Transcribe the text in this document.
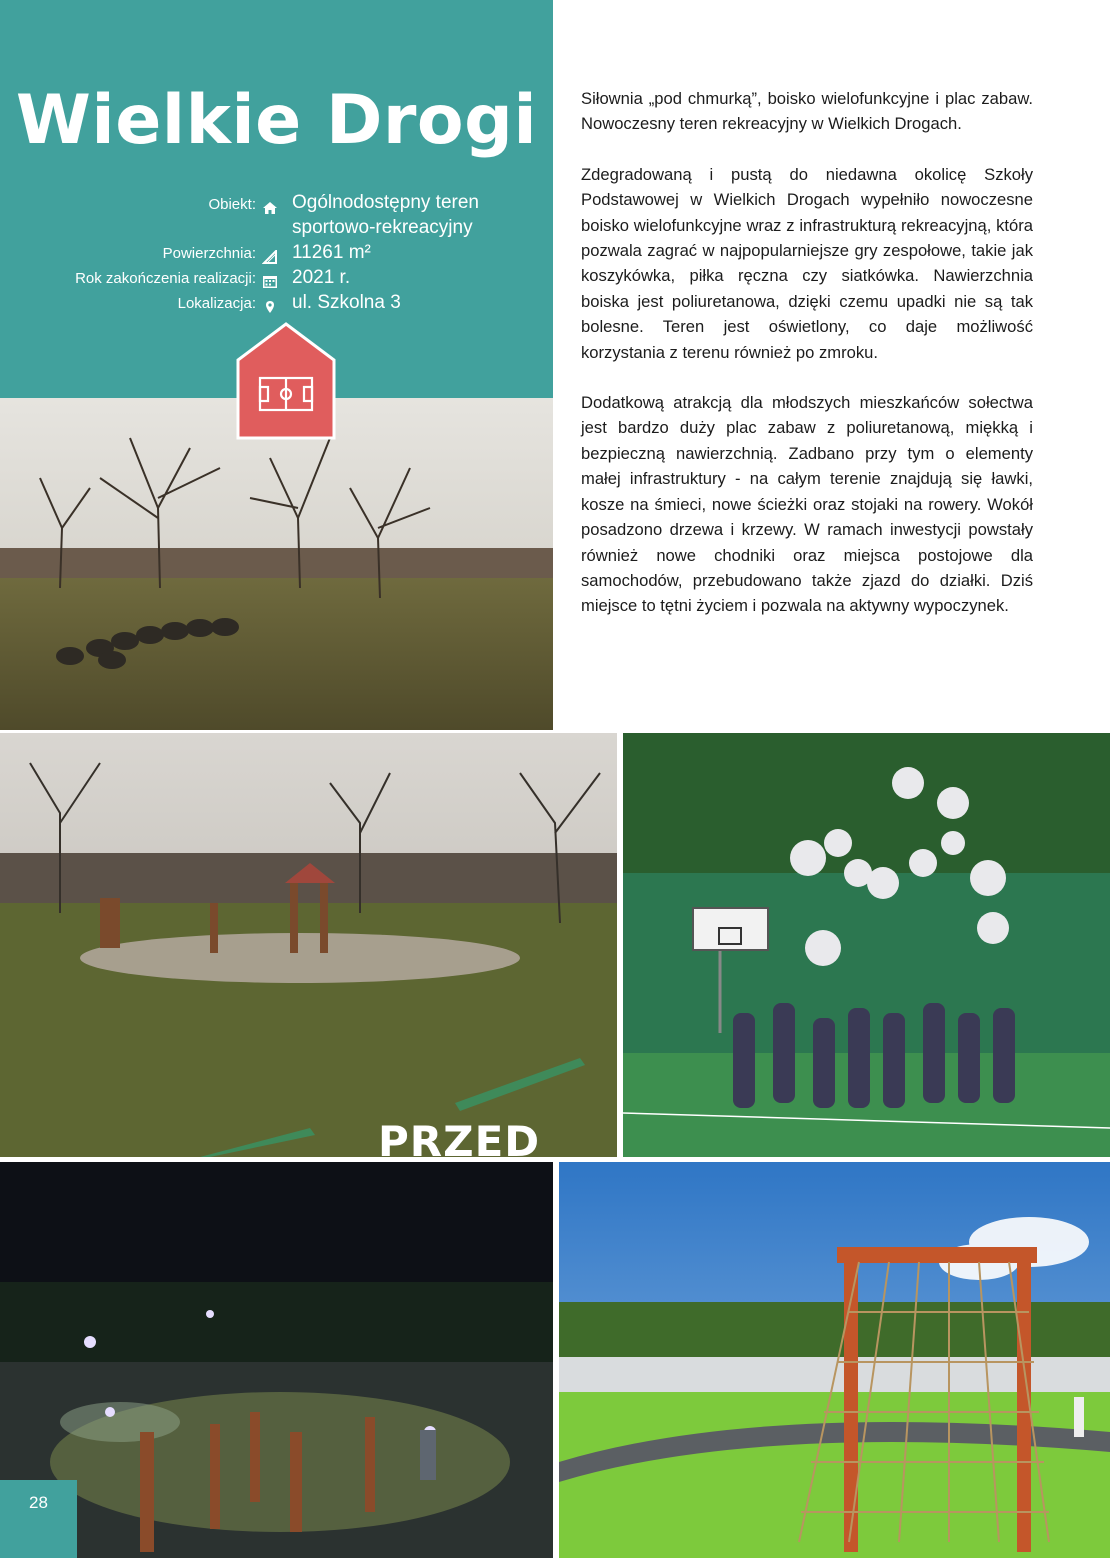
Wielkie Drogi
Obiekt:
Powierzchnia:
Rok zakończenia realizacji:
Lokalizacja:
Ogólnodostępny teren sportowo-rekreacyjny
11261 m²
2021 r.
ul. Szkolna 3

Siłownia „pod chmurką”, boisko wielofunkcyjne i plac zabaw. Nowoczesny teren rekreacyjny w Wielkich Drogach.

Zdegradowaną i pustą do niedawna okolicę Szkoły Podstawowej w Wielkich Drogach wypełniło nowoczesne boisko wielofunkcyjne wraz z infrastrukturą rekreacyjną, która pozwala zagrać w najpopularniejsze gry zespołowe, takie jak koszykówka, piłka ręczna czy siatkówka. Nawierzchnia boiska jest poliuretanowa, dzięki czemu upadki nie są tak bolesne. Teren jest oświetlony, co daje możliwość korzystania z terenu również po zmroku.

Dodatkową atrakcją dla młodszych mieszkańców sołectwa jest bardzo duży plac zabaw z poliuretanową, miękką i bezpieczną nawierzchnią. Zadbano przy tym o elementy małej infrastruktury - na całym terenie znajdują się ławki, kosze na śmieci, nowe ścieżki oraz stojaki na rowery. Wokół posadzono drzewa i krzewy. W ramach inwestycji powstały również nowe chodniki oraz miejsca postojowe dla samochodów, przebudowano także zjazd do działki. Dziś miejsce to tętni życiem i pozwala na aktywny wypoczynek.

PRZED
28
